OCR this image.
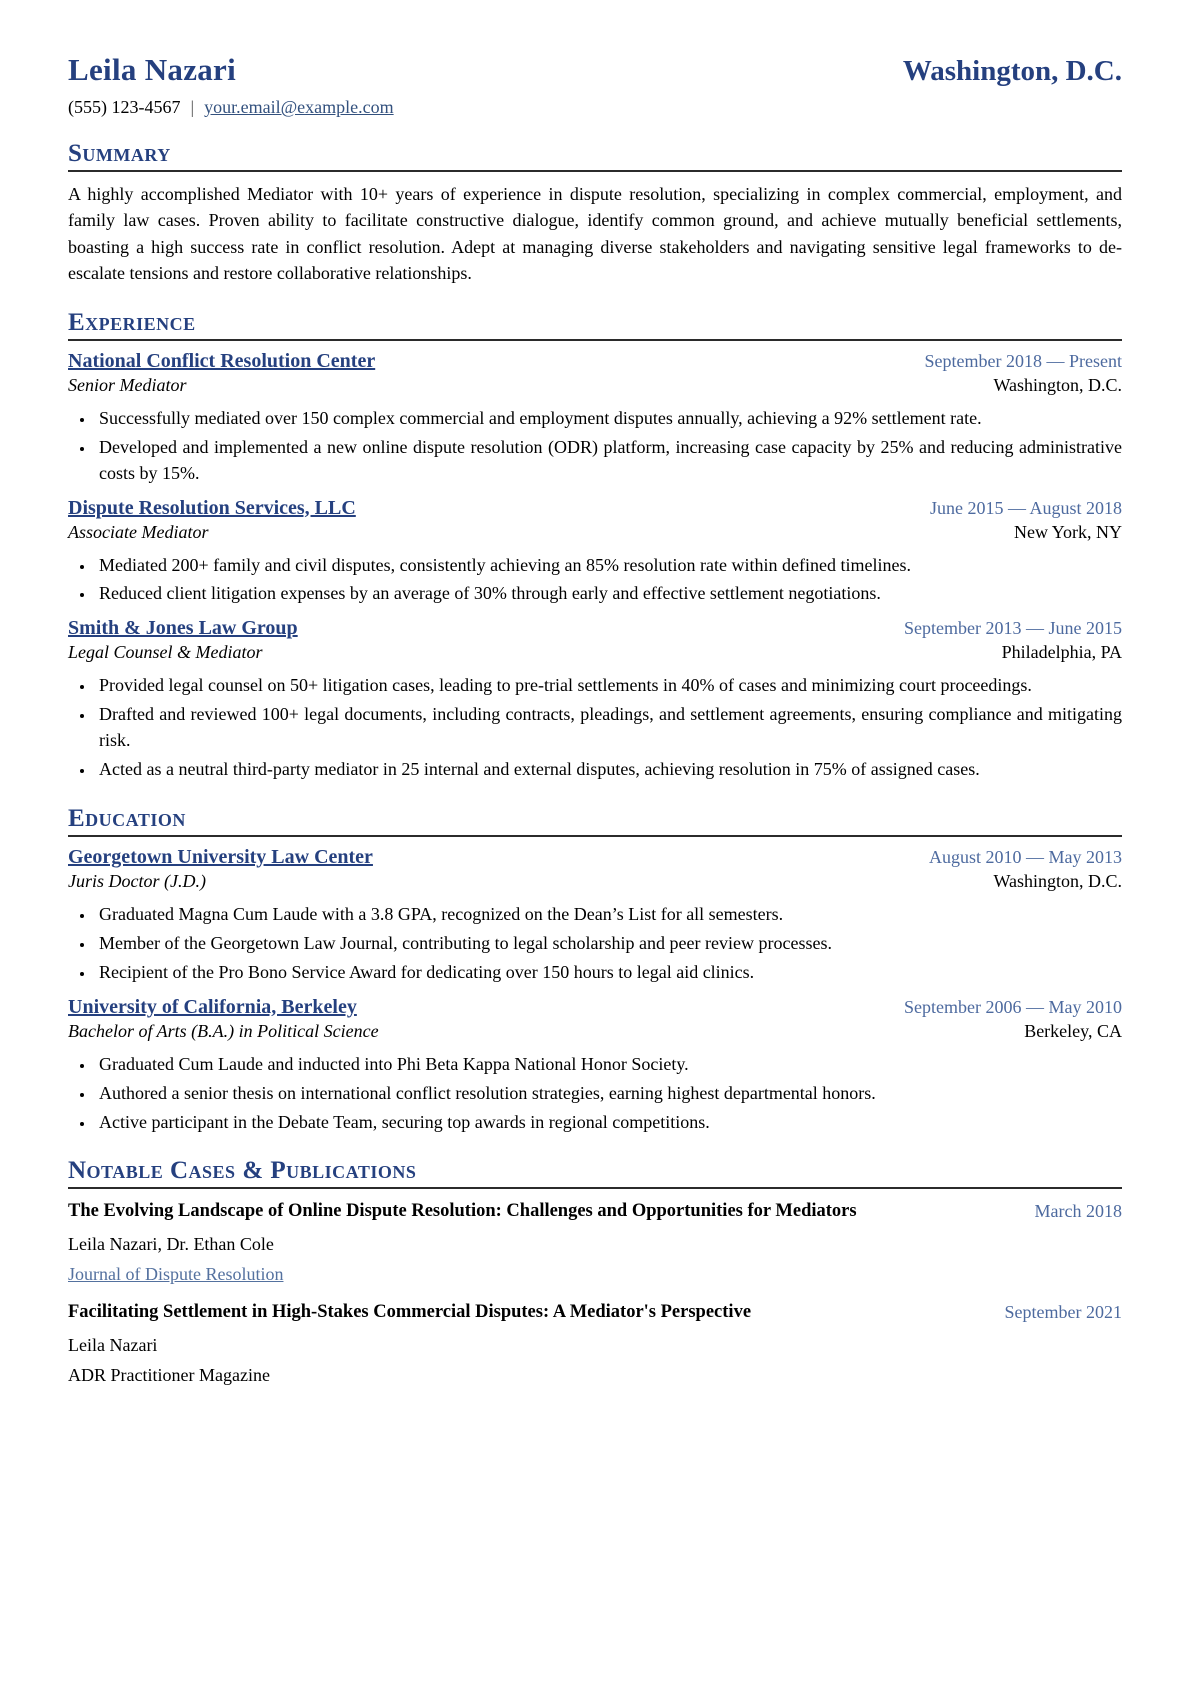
Leila Nazari	Washington, D.C.
(555) 123-4567 | your.email@example.com
Summary
A highly accomplished Mediator with 10+ years of experience in dispute resolution, specializing in complex commercial, employment, and family law cases. Proven ability to facilitate constructive dialogue, identify common ground, and achieve mutually beneficial settlements, boasting a high success rate in conflict resolution. Adept at managing diverse stakeholders and navigating sensitive legal frameworks to de-escalate tensions and restore collaborative relationships.
Experience
National Conflict Resolution Center	September 2018 — Present
Senior Mediator	Washington, D.C.
• Successfully mediated over 150 complex commercial and employment disputes annually, achieving a 92% settlement rate.
• Developed and implemented a new online dispute resolution (ODR) platform, increasing case capacity by 25% and reducing administrative costs by 15%.
Dispute Resolution Services, LLC	June 2015 — August 2018
Associate Mediator	New York, NY
• Mediated 200+ family and civil disputes, consistently achieving an 85% resolution rate within defined timelines.
• Reduced client litigation expenses by an average of 30% through early and effective settlement negotiations.
Smith & Jones Law Group	September 2013 — June 2015
Legal Counsel & Mediator	Philadelphia, PA
• Provided legal counsel on 50+ litigation cases, leading to pre-trial settlements in 40% of cases and minimizing court proceedings.
• Drafted and reviewed 100+ legal documents, including contracts, pleadings, and settlement agreements, ensuring compliance and mitigating risk.
• Acted as a neutral third-party mediator in 25 internal and external disputes, achieving resolution in 75% of assigned cases.
Education
Georgetown University Law Center	August 2010 — May 2013
Juris Doctor (J.D.)	Washington, D.C.
• Graduated Magna Cum Laude with a 3.8 GPA, recognized on the Dean’s List for all semesters.
• Member of the Georgetown Law Journal, contributing to legal scholarship and peer review processes.
• Recipient of the Pro Bono Service Award for dedicating over 150 hours to legal aid clinics.
University of California, Berkeley	September 2006 — May 2010
Bachelor of Arts (B.A.) in Political Science	Berkeley, CA
• Graduated Cum Laude and inducted into Phi Beta Kappa National Honor Society.
• Authored a senior thesis on international conflict resolution strategies, earning highest departmental honors.
• Active participant in the Debate Team, securing top awards in regional competitions.
Notable Cases & Publications
March 2018
The Evolving Landscape of Online Dispute Resolution: Challenges and Opportunities for Mediators
Leila Nazari, Dr. Ethan Cole
Journal of Dispute Resolution
September 2021
Facilitating Settlement in High-Stakes Commercial Disputes: A Mediator's Perspective
Leila Nazari
ADR Practitioner Magazine
